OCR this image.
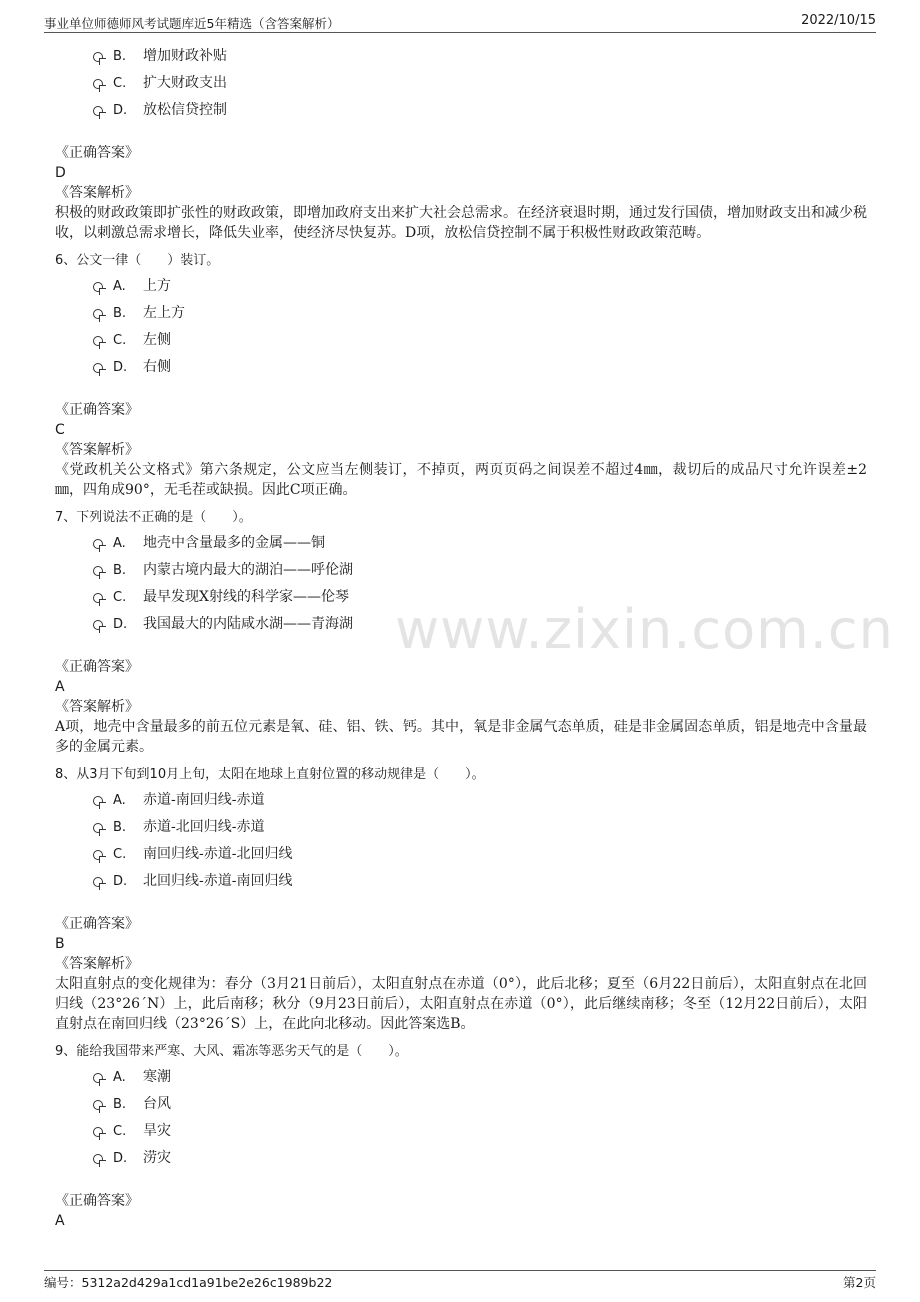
事业单位师德师风考试题库近5年精选（含答案解析）	2022/10/15
www.zixin.com.cn
B. 增加财政补贴
C. 扩大财政支出
D. 放松信贷控制
《正确答案》
D
《答案解析》
积极的财政政策即扩张性的财政政策，即增加政府支出来扩大社会总需求。在经济衰退时期，通过发行国债，增加财政支出和减少税收，以刺激总需求增长，降低失业率，使经济尽快复苏。D项，放松信贷控制不属于积极性财政政策范畴。
6、公文一律（　　）装订。
A. 上方
B. 左上方
C. 左侧
D. 右侧
《正确答案》
C
《答案解析》
《党政机关公文格式》第六条规定，公文应当左侧装订，不掉页，两页页码之间误差不超过4㎜，裁切后的成品尺寸允许误差±2㎜，四角成90°，无毛茬或缺损。因此C项正确。
7、下列说法不正确的是（　　）。
A. 地壳中含量最多的金属——铜
B. 内蒙古境内最大的湖泊——呼伦湖
C. 最早发现X射线的科学家——伦琴
D. 我国最大的内陆咸水湖——青海湖
《正确答案》
A
《答案解析》
A项，地壳中含量最多的前五位元素是氧、硅、铝、铁、钙。其中，氧是非金属气态单质，硅是非金属固态单质，铝是地壳中含量最多的金属元素。
8、从3月下旬到10月上旬，太阳在地球上直射位置的移动规律是（　　）。
A. 赤道-南回归线-赤道
B. 赤道-北回归线-赤道
C. 南回归线-赤道-北回归线
D. 北回归线-赤道-南回归线
《正确答案》
B
《答案解析》
太阳直射点的变化规律为：春分（3月21日前后），太阳直射点在赤道（0°），此后北移；夏至（6月22日前后），太阳直射点在北回归线（23°26´N）上，此后南移；秋分（9月23日前后），太阳直射点在赤道（0°），此后继续南移；冬至（12月22日前后），太阳直射点在南回归线（23°26´S）上，在此向北移动。因此答案选B。
9、能给我国带来严寒、大风、霜冻等恶劣天气的是（　　）。
A. 寒潮
B. 台风
C. 旱灾
D. 涝灾
《正确答案》
A
编号：5312a2d429a1cd1a91be2e26c1989b22	第2页
